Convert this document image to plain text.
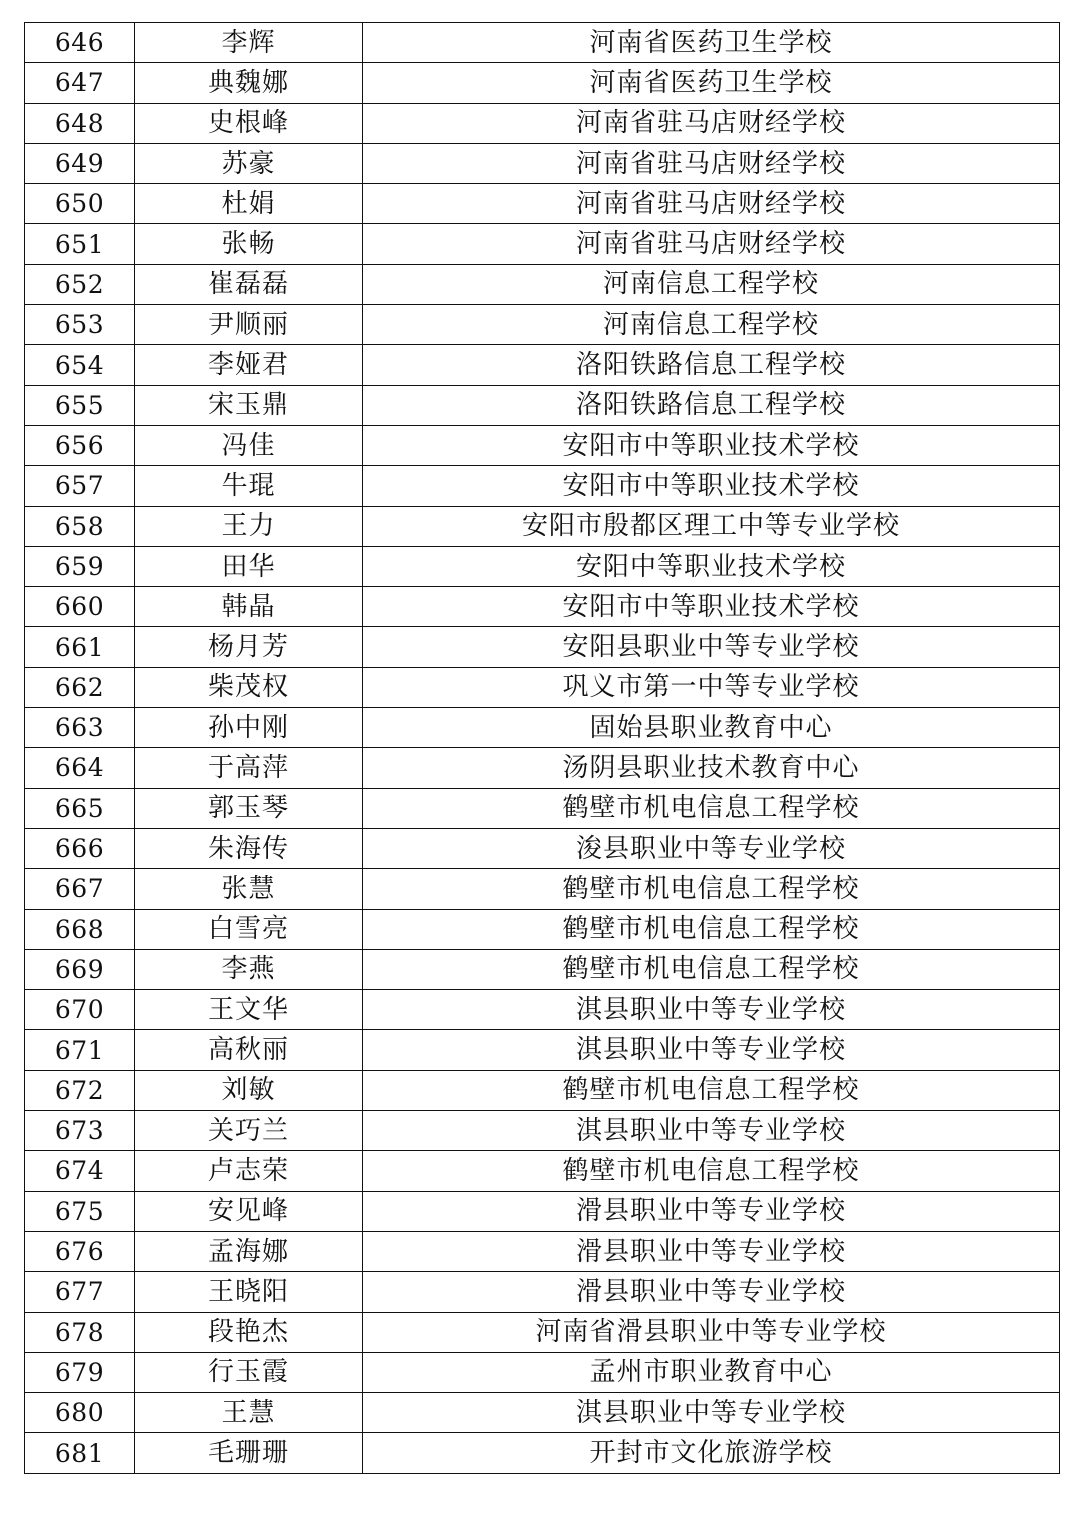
646	李辉	河南省医药卫生学校
647	典魏娜	河南省医药卫生学校
648	史根峰	河南省驻马店财经学校
649	苏豪	河南省驻马店财经学校
650	杜娟	河南省驻马店财经学校
651	张畅	河南省驻马店财经学校
652	崔磊磊	河南信息工程学校
653	尹顺丽	河南信息工程学校
654	李娅君	洛阳铁路信息工程学校
655	宋玉鼎	洛阳铁路信息工程学校
656	冯佳	安阳市中等职业技术学校
657	牛琨	安阳市中等职业技术学校
658	王力	安阳市殷都区理工中等专业学校
659	田华	安阳中等职业技术学校
660	韩晶	安阳市中等职业技术学校
661	杨月芳	安阳县职业中等专业学校
662	柴茂权	巩义市第一中等专业学校
663	孙中刚	固始县职业教育中心
664	于高萍	汤阴县职业技术教育中心
665	郭玉琴	鹤壁市机电信息工程学校
666	朱海传	浚县职业中等专业学校
667	张慧	鹤壁市机电信息工程学校
668	白雪亮	鹤壁市机电信息工程学校
669	李燕	鹤壁市机电信息工程学校
670	王文华	淇县职业中等专业学校
671	高秋丽	淇县职业中等专业学校
672	刘敏	鹤壁市机电信息工程学校
673	关巧兰	淇县职业中等专业学校
674	卢志荣	鹤壁市机电信息工程学校
675	安见峰	滑县职业中等专业学校
676	孟海娜	滑县职业中等专业学校
677	王晓阳	滑县职业中等专业学校
678	段艳杰	河南省滑县职业中等专业学校
679	行玉霞	孟州市职业教育中心
680	王慧	淇县职业中等专业学校
681	毛珊珊	开封市文化旅游学校
